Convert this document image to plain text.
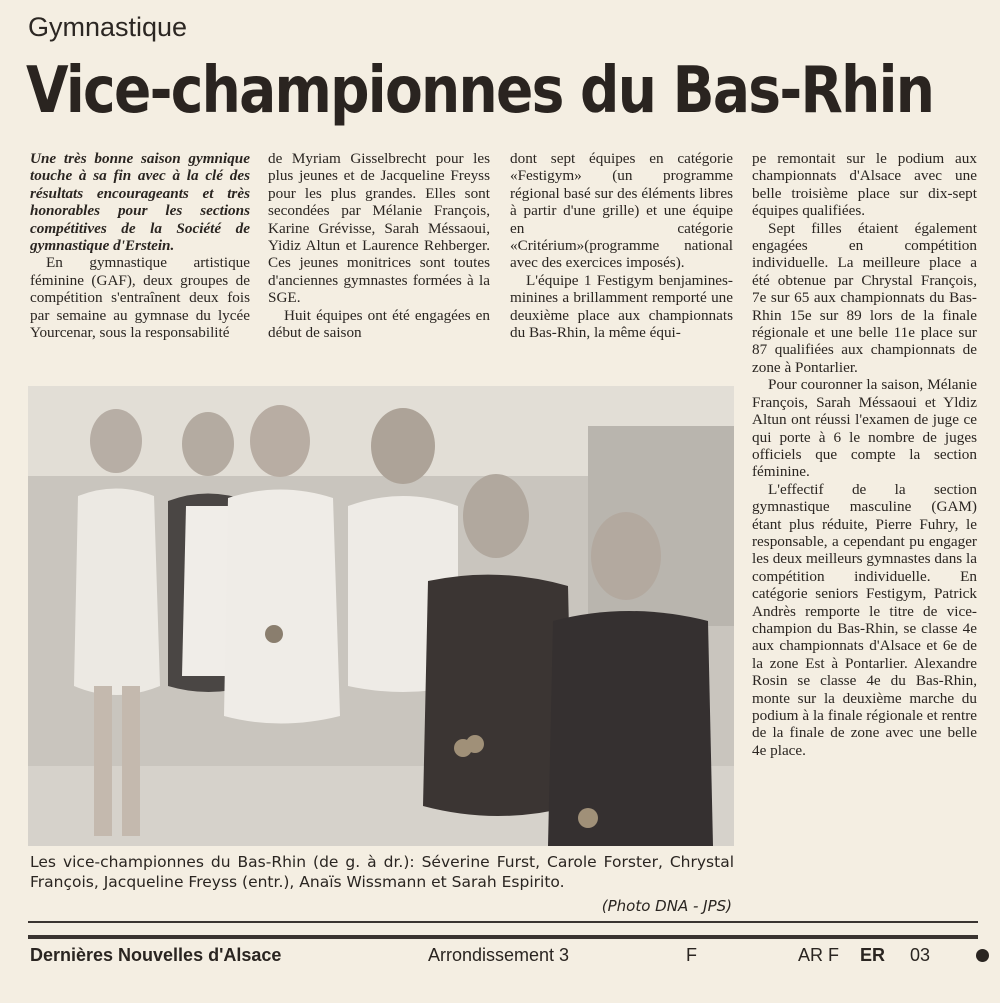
Gymnastique
Vice-championnes du Bas-Rhin

Une très bonne saison gymnique touche à sa fin avec à la clé des résultats encourageants et très honorables pour les sections compétitives de la Société de gymnastique d'Erstein.

En gymnastique artistique féminine (GAF), deux groupes de compétition s'entraînent deux fois par semaine au gymnase du lycée Yourcenar, sous la responsabilité

de Myriam Gisselbrecht pour les plus jeunes et de Jacqueline Freyss pour les plus grandes. Elles sont secondées par Mélanie François, Karine Grévisse, Sarah Méssaoui, Yidiz Altun et Laurence Rehberger. Ces jeunes monitrices sont toutes d'anciennes gymnastes formées à la SGE.

Huit équipes ont été engagées en début de saison

dont sept équipes en catégorie «Festigym» (un programme régional basé sur des éléments libres à partir d'une grille) et une équipe en catégorie «Critérium»(programme national avec des exercices imposés).

L'équipe 1 Festigym benjamines-minines a brillamment remporté une deuxième place aux championnats du Bas-Rhin, la même équi-

pe remontait sur le podium aux championnats d'Alsace avec une belle troisième place sur dix-sept équipes qualifiées.

Sept filles étaient également engagées en compétition individuelle. La meilleure place a été obtenue par Chrystal François, 7e sur 65 aux championnats du Bas-Rhin 15e sur 89 lors de la finale régionale et une belle 11e place sur 87 qualifiées aux championnats de zone à Pontarlier.

Pour couronner la saison, Mélanie François, Sarah Méssaoui et Yldiz Altun ont réussi l'examen de juge ce qui porte à 6 le nombre de juges officiels que compte la section féminine.

L'effectif de la section gymnastique masculine (GAM) étant plus réduite, Pierre Fuhry, le responsable, a cependant pu engager les deux meilleurs gymnastes dans la compétition individuelle. En catégorie seniors Festigym, Patrick Andrès remporte le titre de vice-champion du Bas-Rhin, se classe 4e aux championnats d'Alsace et 6e de la zone Est à Pontarlier. Alexandre Rosin se classe 4e du Bas-Rhin, monte sur la deuxième marche du podium à la finale régionale et rentre de la finale de zone avec une belle 4e place.

Les vice-championnes du Bas-Rhin (de g. à dr.): Séverine Furst, Carole Forster, Chrystal François, Jacqueline Freyss (entr.), Anaïs Wissmann et Sarah Espirito.
(Photo DNA - JPS)
Dernières Nouvelles d'Alsace	Arrondissement 3	F	AR F ER 03
